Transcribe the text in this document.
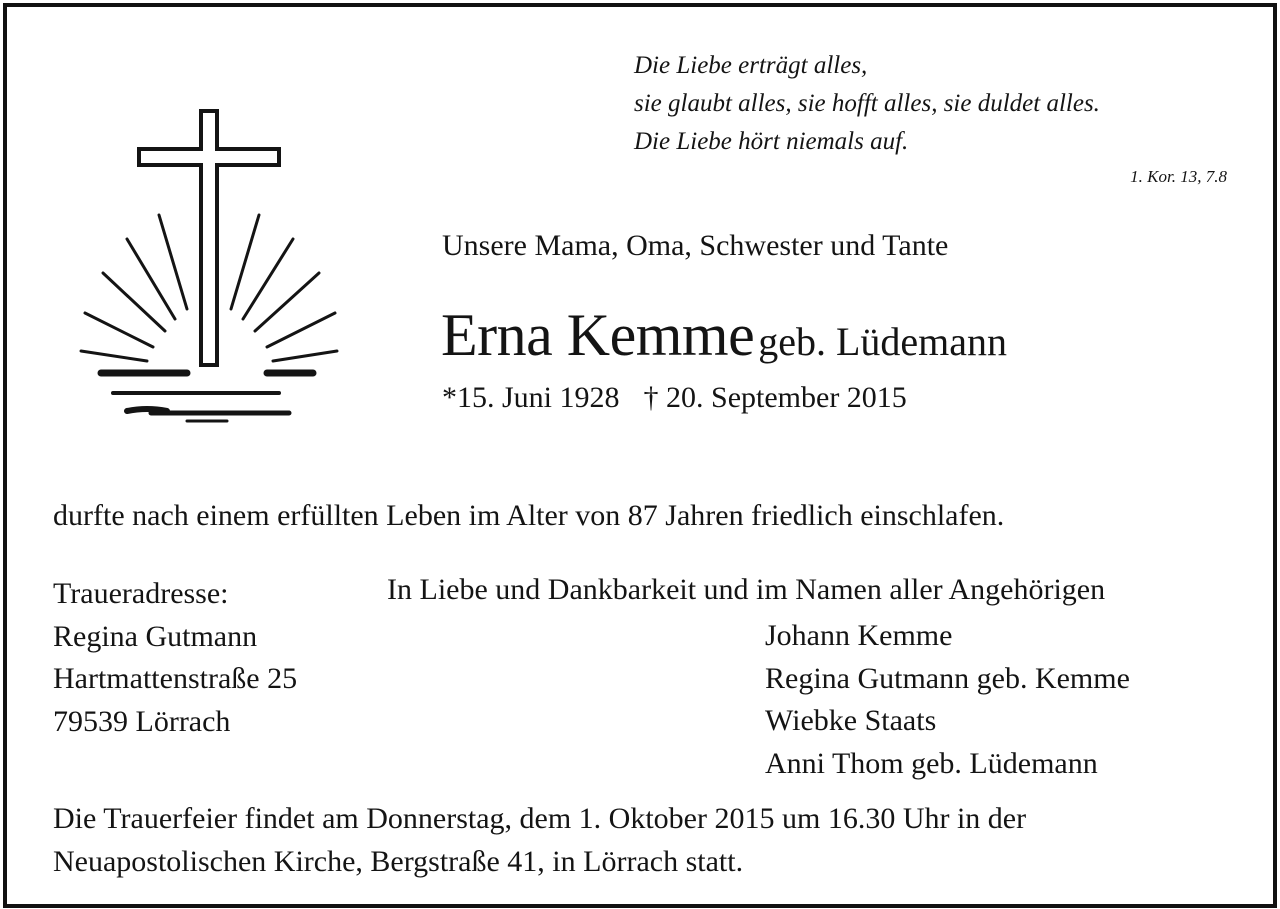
Die Liebe erträgt alles,
sie glaubt alles, sie hofft alles, sie duldet alles.
Die Liebe hört niemals auf.
1. Kor. 13, 7.8
Unsere Mama, Oma, Schwester und Tante
Erna Kemme geb. Lüdemann
*15. Juni 1928 † 20. September 2015
durfte nach einem erfüllten Leben im Alter von 87 Jahren friedlich einschlafen.
Traueradresse:
Regina Gutmann
Hartmattenstraße 25
79539 Lörrach
In Liebe und Dankbarkeit und im Namen aller Angehörigen
Johann Kemme
Regina Gutmann geb. Kemme
Wiebke Staats
Anni Thom geb. Lüdemann
Die Trauerfeier findet am Donnerstag, dem 1. Oktober 2015 um 16.30 Uhr in der
Neuapostolischen Kirche, Bergstraße 41, in Lörrach statt.
